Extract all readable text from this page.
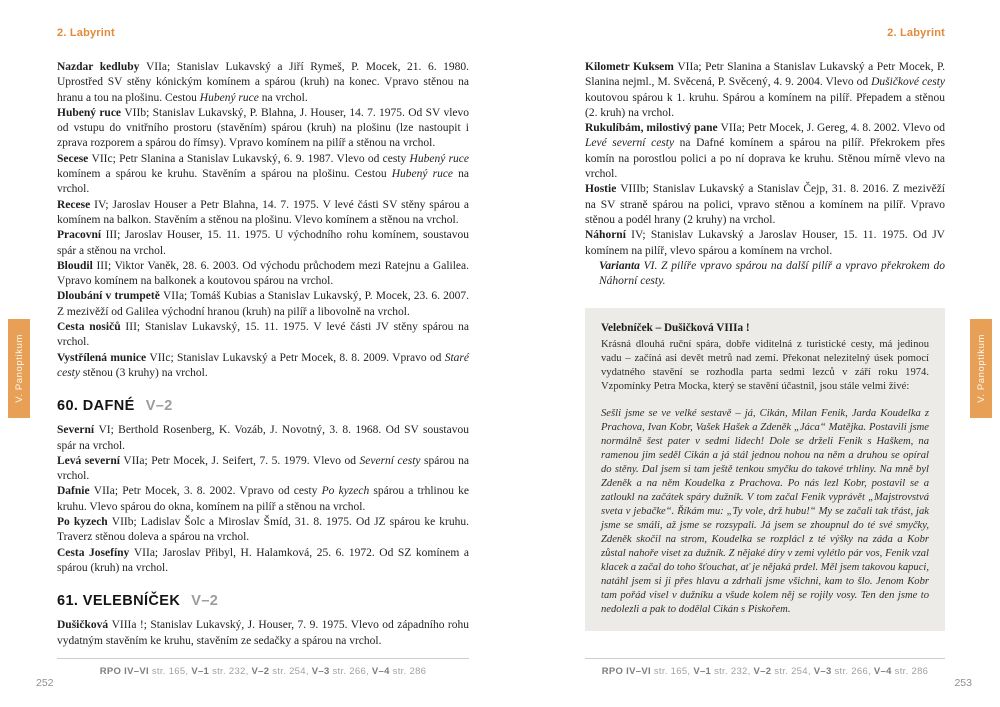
V. Panoptikum	V. Panoptikum
2. Labyrint

Nazdar kedluby VIIa; Stanislav Lukavský a Jiří Rymeš, P. Mocek, 21. 6. 1980. Uprostřed SV stěny kónickým komínem a spárou (kruh) na konec. Vpravo stěnou na hranu a tou na plošinu. Cestou Hubený ruce na vrchol.

Hubený ruce VIIb; Stanislav Lukavský, P. Blahna, J. Houser, 14. 7. 1975. Od SV vlevo od vstupu do vnitřního prostoru (stavěním) spárou (kruh) na plošinu (lze nastoupit i zprava rozporem a spárou do římsy). Vpravo komínem na pilíř a stěnou na vrchol.

Secese VIIc; Petr Slanina a Stanislav Lukavský, 6. 9. 1987. Vlevo od cesty Hubený ruce komínem a spárou ke kruhu. Stavěním a spárou na plošinu. Cestou Hubený ruce na vrchol.

Recese IV; Jaroslav Houser a Petr Blahna, 14. 7. 1975. V levé části SV stěny spárou a komínem na balkon. Stavěním a stěnou na plošinu. Vlevo komínem a stěnou na vrchol.

Pracovní III; Jaroslav Houser, 15. 11. 1975. U východního rohu komínem, soustavou spár a stěnou na vrchol.

Bloudil III; Viktor Vaněk, 28. 6. 2003. Od východu průchodem mezi Ratejnu a Galilea. Vpravo komínem na balkonek a koutovou spárou na vrchol.

Dloubání v trumpetě VIIa; Tomáš Kubias a Stanislav Lukavský, P. Mocek, 23. 6. 2007. Z mezivěží od Galilea východní hranou (kruh) na pilíř a libovolně na vrchol.

Cesta nosičů III; Stanislav Lukavský, 15. 11. 1975. V levé části JV stěny spárou na vrchol.

Vystřílená munice VIIc; Stanislav Lukavský a Petr Mocek, 8. 8. 2009. Vpravo od Staré cesty stěnou (3 kruhy) na vrchol.

60. DAFNÉ V–2

Severní VI; Berthold Rosenberg, K. Vozáb, J. Novotný, 3. 8. 1968. Od SV soustavou spár na vrchol.

Levá severní VIIa; Petr Mocek, J. Seifert, 7. 5. 1979. Vlevo od Severní cesty spárou na vrchol.

Dafnie VIIa; Petr Mocek, 3. 8. 2002. Vpravo od cesty Po kyzech spárou a trhlinou ke kruhu. Vlevo spárou do okna, komínem na pilíř a stěnou na vrchol.

Po kyzech VIIb; Ladislav Šolc a Miroslav Šmíd, 31. 8. 1975. Od JZ spárou ke kruhu. Traverz stěnou doleva a spárou na vrchol.

Cesta Josefíny VIIa; Jaroslav Přibyl, H. Halamková, 25. 6. 1972. Od SZ komínem a spárou (kruh) na vrchol.

61. VELEBNÍČEK V–2

Dušičková VIIIa !; Stanislav Lukavský, J. Houser, 7. 9. 1975. Vlevo od západního rohu vydatným stavěním ke kruhu, stavěním ze sedačky a spárou na vrchol.

RPO IV–VI str. 165, V–1 str. 232, V–2 str. 254, V–3 str. 266, V–4 str. 286
2. Labyrint

Kilometr Kuksem VIIa; Petr Slanina a Stanislav Lukavský a Petr Mocek, P. Slanina nejml., M. Svěcená, P. Svěcený, 4. 9. 2004. Vlevo od Dušičkové cesty koutovou spárou k 1. kruhu. Spárou a komínem na pilíř. Přepadem a stěnou (2. kruh) na vrchol.

Rukulíbám, milostivý pane VIIa; Petr Mocek, J. Gereg, 4. 8. 2002. Vlevo od Levé severní cesty na Dafné komínem a spárou na pilíř. Překrokem přes komín na porostlou polici a po ní doprava ke kruhu. Stěnou mírně vlevo na vrchol.

Hostie VIIIb; Stanislav Lukavský a Stanislav Čejp, 31. 8. 2016. Z mezivěží na SV straně spárou na polici, vpravo stěnou a komínem na pilíř. Vpravo stěnou a podél hrany (2 kruhy) na vrchol.

Náhorní IV; Stanislav Lukavský a Jaroslav Houser, 15. 11. 1975. Od JV komínem na pilíř, vlevo spárou a komínem na vrchol.

Varianta VI. Z pilíře vpravo spárou na další pilíř a vpravo překrokem do Náhorní cesty.

Velebníček – Dušičková VIIIa !

Krásná dlouhá ruční spára, dobře viditelná z turistické cesty, má jedinou vadu – začíná asi devět metrů nad zemí. Překonat nelezitelný úsek pomocí vydatného stavění se rozhodla parta sedmi lezců v září roku 1974. Vzpomínky Petra Mocka, který se stavění účastnil, jsou stále velmi živé:

Sešli jsme se ve velké sestavě – já, Cikán, Milan Fenik, Jarda Koudelka z Prachova, Ivan Kobr, Vašek Hašek a Zdeněk „Jáca“ Matějka. Postavili jsme normálně šest pater v sedmi lidech! Dole se drželi Fenik s Haškem, na ramenou jim seděl Cikán a já stál jednou nohou na něm a druhou se opíral do stěny. Dal jsem si tam ještě tenkou smyčku do takové trhliny. Na mně byl Zdeněk a na něm Koudelka z Prachova. Po nás lezl Kobr, postavil se a zatloukl na začátek spáry dužník. V tom začal Fenik vyprávět „Majstrovstvá sveta v jebačke“. Říkám mu: „Ty vole, drž hubu!“ My se začali tak třást, jak jsme se smáli, až jsme se rozsypali. Já jsem se zhoupnul do té své smyčky, Zdeněk skočil na strom, Koudelka se rozplácl z té výšky na záda a Kobr zůstal nahoře viset za dužník. Z nějaké díry v zemi vylétlo pár vos, Fenik vzal klacek a začal do toho šťouchat, ať je nějaká prdel. Měl jsem takovou kapuci, natáhl jsem si ji přes hlavu a zdrhali jsme všichni, kam to šlo. Jenom Kobr tam pořád visel v dužníku a všude kolem něj se rojily vosy. Ten den jsme to nedolezli a pak to dodělal Cikán s Piskořem.

RPO IV–VI str. 165, V–1 str. 232, V–2 str. 254, V–3 str. 266, V–4 str. 286
252	253
